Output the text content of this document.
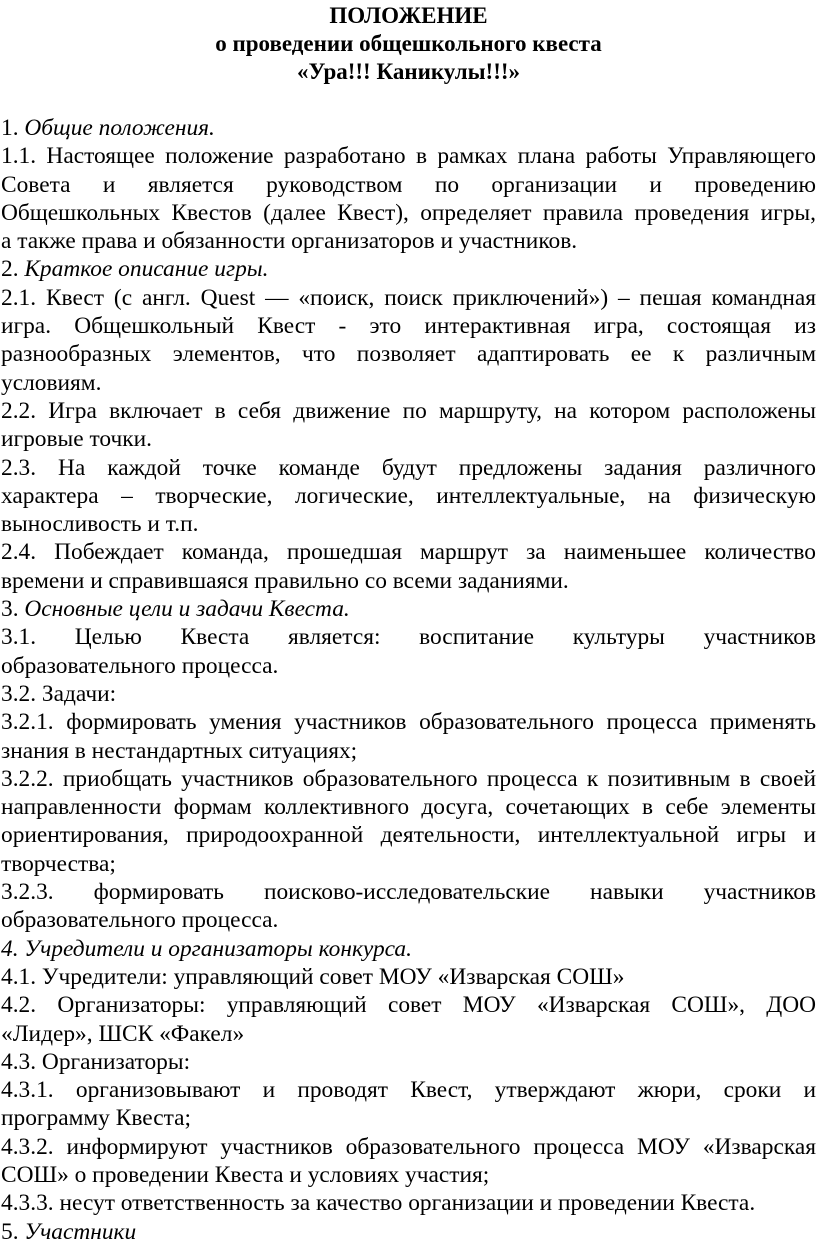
ПОЛОЖЕНИЕ

о проведении общешкольного квеста

«Ура!!! Каникулы!!!»

1. Общие положения.
1.1. Настоящее положение разработано в рамках плана работы Управляющего
Совета и является руководством по организации и проведению
Общешкольных Квестов (далее Квест), определяет правила проведения игры,
а также права и обязанности организаторов и участников.
2. Краткое описание игры.
2.1. Квест (с англ. Quest — «поиск, поиск приключений») – пешая командная
игра. Общешкольный Квест - это интерактивная игра, состоящая из
разнообразных элементов, что позволяет адаптировать ее к различным
условиям.
2.2. Игра включает в себя движение по маршруту, на котором расположены
игровые точки.
2.3. На каждой точке команде будут предложены задания различного
характера – творческие, логические, интеллектуальные, на физическую
выносливость и т.п.
2.4. Побеждает команда, прошедшая маршрут за наименьшее количество
времени и справившаяся правильно со всеми заданиями.
3. Основные цели и задачи Квеста.
3.1. Целью Квеста является: воспитание культуры участников
образовательного процесса.
3.2. Задачи:
3.2.1. формировать умения участников образовательного процесса применять
знания в нестандартных ситуациях;
3.2.2. приобщать участников образовательного процесса к позитивным в своей
направленности формам коллективного досуга, сочетающих в себе элементы
ориентирования, природоохранной деятельности, интеллектуальной игры и
творчества;
3.2.3. формировать поисково-исследовательские навыки участников
образовательного процесса.
4. Учредители и организаторы конкурса.
4.1. Учредители: управляющий совет МОУ «Изварская СОШ»
4.2. Организаторы: управляющий совет МОУ «Изварская СОШ», ДОО
«Лидер», ШСК «Факел»
4.3. Организаторы:
4.3.1. организовывают и проводят Квест, утверждают жюри, сроки и
программу Квеста;
4.3.2. информируют участников образовательного процесса МОУ «Изварская
СОШ» о проведении Квеста и условиях участия;
4.3.3. несут ответственность за качество организации и проведении Квеста.
5. Участники
